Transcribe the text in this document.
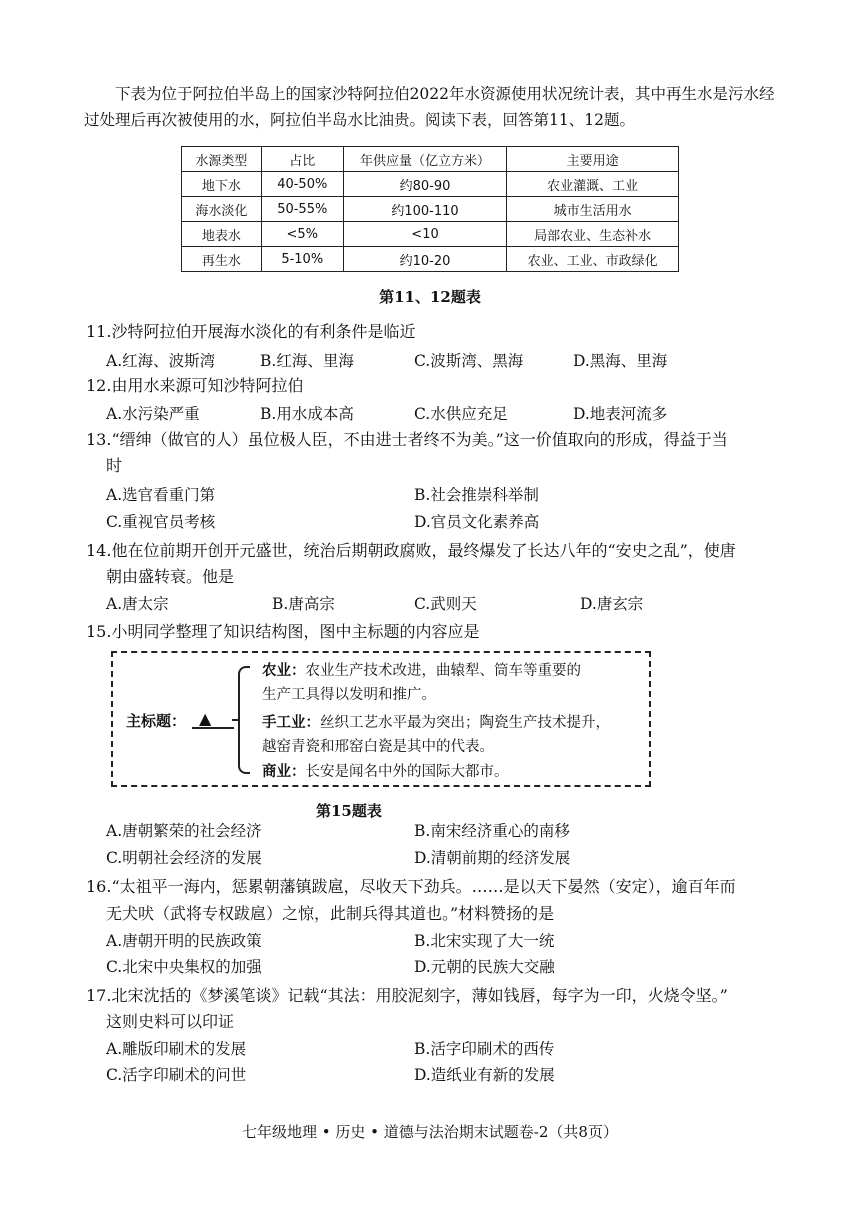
下表为位于阿拉伯半岛上的国家沙特阿拉伯2022年水资源使用状况统计表，其中再生水是污水经过处理后再次被使用的水，阿拉伯半岛水比油贵。阅读下表，回答第11、12题。
水源类型	占比	年供应量（亿立方米）	主要用途
地下水	40-50%	约80-90	农业灌溉、工业
海水淡化	50-55%	约100-110	城市生活用水
地表水	<5%	<10	局部农业、生态补水
再生水	5-10%	约10-20	农业、工业、市政绿化
第11、12题表
11.沙特阿拉伯开展海水淡化的有利条件是临近
A.红海、波斯湾	B.红海、里海	C.波斯湾、黑海	D.黑海、里海
12.由用水来源可知沙特阿拉伯
A.水污染严重	B.用水成本高	C.水供应充足	D.地表河流多
13.“缙绅（做官的人）虽位极人臣，不由进士者终不为美。”这一价值取向的形成，得益于当
时
A.选官看重门第	B.社会推崇科举制
C.重视官员考核	D.官员文化素养高
14.他在位前期开创开元盛世，统治后期朝政腐败，最终爆发了长达八年的“安史之乱”，使唐
朝由盛转衰。他是
A.唐太宗	B.唐高宗	C.武则天	D.唐玄宗
15.小明同学整理了知识结构图，图中主标题的内容应是
主标题： ▲
农业：农业生产技术改进，曲辕犁、筒车等重要的
生产工具得以发明和推广。
手工业：丝织工艺水平最为突出；陶瓷生产技术提升，
越窑青瓷和邢窑白瓷是其中的代表。
商业：长安是闻名中外的国际大都市。
第15题表
A.唐朝繁荣的社会经济	B.南宋经济重心的南移
C.明朝社会经济的发展	D.清朝前期的经济发展
16.“太祖平一海内，惩累朝藩镇跋扈，尽收天下劲兵。……是以天下晏然（安定），逾百年而
无犬吠（武将专权跋扈）之惊，此制兵得其道也。”材料赞扬的是
A.唐朝开明的民族政策	B.北宋实现了大一统
C.北宋中央集权的加强	D.元朝的民族大交融
17.北宋沈括的《梦溪笔谈》记载“其法：用胶泥刻字，薄如钱唇，每字为一印，火烧令坚。”
这则史料可以印证
A.雕版印刷术的发展	B.活字印刷术的西传
C.活字印刷术的问世	D.造纸业有新的发展
七年级地理 • 历史 • 道德与法治期末试题卷-2（共8页）
